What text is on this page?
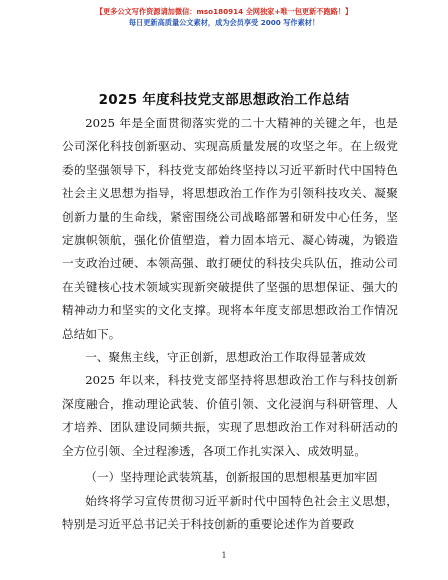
【更多公文写作资源请加微信：mso180914 全网独家+唯一包更新不跑路！】
每日更新高质量公文素材，成为会员享受 2000 写作素材！
2025 年度科技党支部思想政治工作总结

2025 年是全面贯彻落实党的二十大精神的关键之年，也是公司深化科技创新驱动、实现高质量发展的攻坚之年。在上级党委的坚强领导下，科技党支部始终坚持以习近平新时代中国特色社会主义思想为指导，将思想政治工作作为引领科技攻关、凝聚创新力量的生命线，紧密围绕公司战略部署和研发中心任务，坚定旗帜领航，强化价值塑造，着力固本培元、凝心铸魂，为锻造一支政治过硬、本领高强、敢打硬仗的科技尖兵队伍，推动公司在关键核心技术领域实现新突破提供了坚强的思想保证、强大的精神动力和坚实的文化支撑。现将本年度支部思想政治工作情况总结如下。

一、聚焦主线，守正创新，思想政治工作取得显著成效

2025 年以来，科技党支部坚持将思想政治工作与科技创新深度融合，推动理论武装、价值引领、文化浸润与科研管理、人才培养、团队建设同频共振，实现了思想政治工作对科研活动的全方位引领、全过程渗透，各项工作扎实深入、成效明显。

（一）坚持理论武装筑基，创新报国的思想根基更加牢固

始终将学习宣传贯彻习近平新时代中国特色社会主义思想，特别是习近平总书记关于科技创新的重要论述作为首要政

1
